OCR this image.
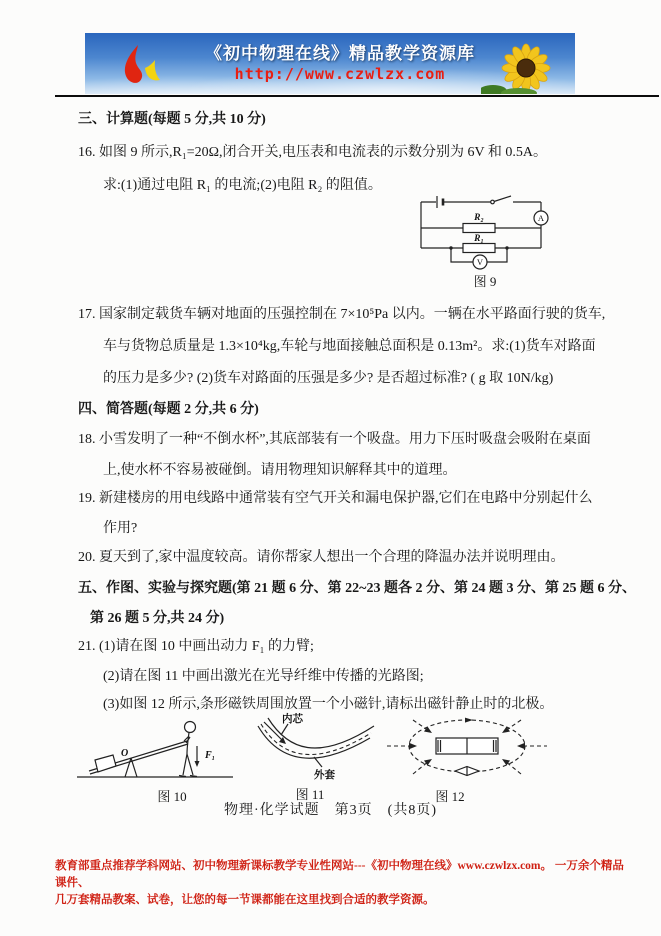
《初中物理在线》精品教学资源库
http://www.czwlzx.com
三、计算题(每题 5 分,共 10 分)
16. 如图 9 所示,R₁=20Ω,闭合开关,电压表和电流表的示数分别为 6V 和 0.5A。
求:(1)通过电阻 R₁ 的电流;(2)电阻 R₂ 的阻值。
17. 国家制定载货车辆对地面的压强控制在 7×10⁵Pa 以内。一辆在水平路面行驶的货车,
车与货物总质量是 1.3×10⁴kg,车轮与地面接触总面积是 0.13m²。求:(1)货车对路面
的压力是多少? (2)货车对路面的压强是多少? 是否超过标准? ( g 取 10N/kg)
四、简答题(每题 2 分,共 6 分)
18. 小雪发明了一种“不倒水杯”,其底部装有一个吸盘。用力下压时吸盘会吸附在桌面
上,使水杯不容易被碰倒。请用物理知识解释其中的道理。
19. 新建楼房的用电线路中通常装有空气开关和漏电保护器,它们在电路中分别起什么
作用?
20. 夏天到了,家中温度较高。请你帮家人想出一个合理的降温办法并说明理由。
五、作图、实验与探究题(第 21 题 6 分、第 22~23 题各 2 分、第 24 题 3 分、第 25 题 6 分、
第 26 题 5 分,共 24 分)
21. (1)请在图 10 中画出动力 F₁ 的力臂;
(2)请在图 11 中画出激光在光导纤维中传播的光路图;
(3)如图 12 所示,条形磁铁周围放置一个小磁针,请标出磁针静止时的北极。
A
R₂
R₁
V
图 9
O	F₁
图 10
内芯
外套
图 11	图 12
物理·化学试题　第3页　(共8页)
教育部重点推荐学科网站、初中物理新课标教学专业性网站---《初中物理在线》www.czwlzx.com。 一万余个精品课件、
几万套精品教案、试卷，让您的每一节课都能在这里找到合适的教学资源。
